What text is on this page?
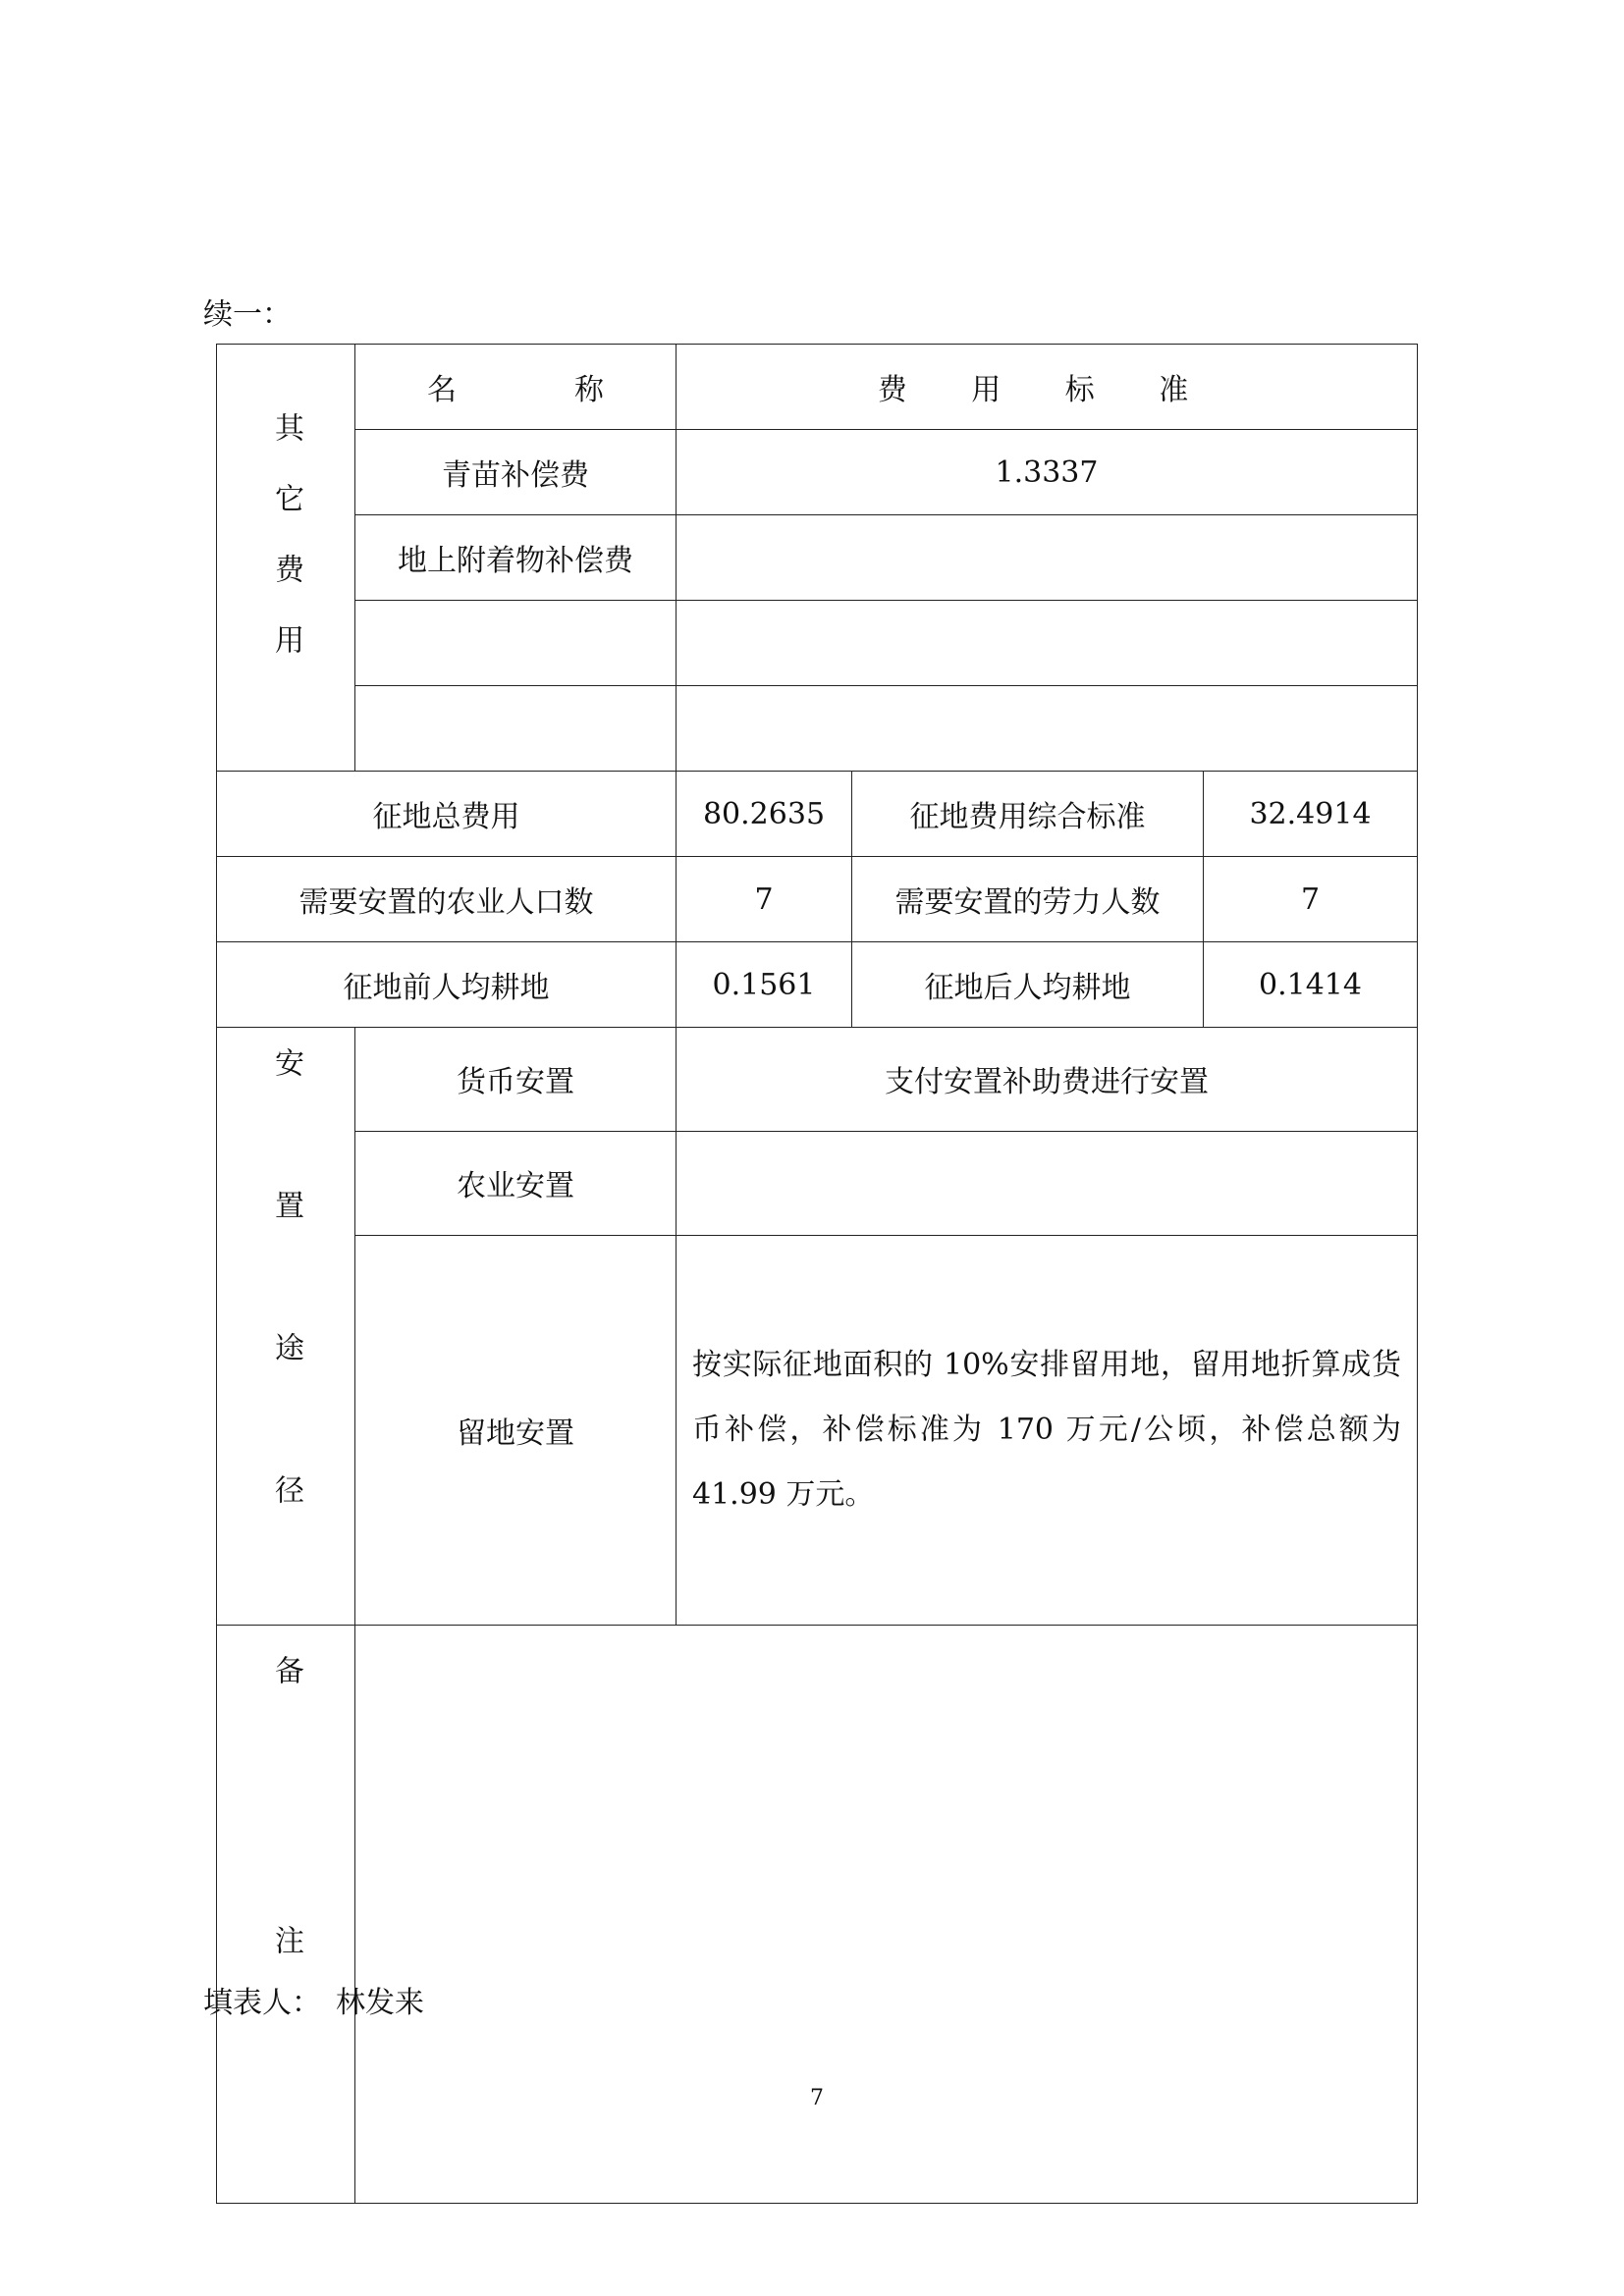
续一：
其它费用	名　　　　称	费 用 标 准		
	青苗补偿费	1.3337		
	地上附着物补偿费			

征地总费用		80.2635	征地费用综合标准	32.4914
需要安置的农业人口数		7	需要安置的劳力人数	7
征地前人均耕地		0.1561	征地后人均耕地	0.1414
安置途径	货币安置	支付安置补助费进行安置		
	农业安置			
	留地安置	按实际征地面积的 10%安排留用地，留用地折算成货币补偿，补偿标准为 170 万元/公顷，补偿总额为 41.99 万元。		
备注				
填表人：　林发来
7
